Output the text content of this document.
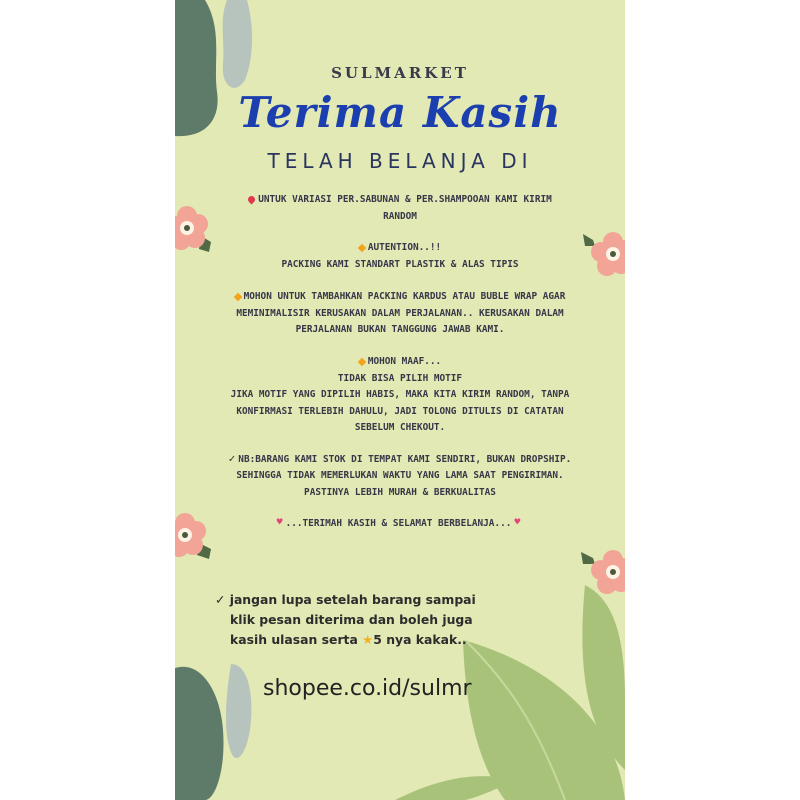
SULMARKET
Terima Kasih
TELAH BELANJA DI
UNTUK VARIASI PER.SABUNAN & PER.SHAMPOOAN KAMI KIRIM
RANDOM
AUTENTION..!!
PACKING KAMI STANDART PLASTIK & ALAS TIPIS
MOHON UNTUK TAMBAHKAN PACKING KARDUS ATAU BUBLE WRAP AGAR
MEMINIMALISIR KERUSAKAN DALAM PERJALANAN.. KERUSAKAN DALAM
PERJALANAN BUKAN TANGGUNG JAWAB KAMI.
MOHON MAAF...
TIDAK BISA PILIH MOTIF
JIKA MOTIF YANG DIPILIH HABIS, MAKA KITA KIRIM RANDOM, TANPA
KONFIRMASI TERLEBIH DAHULU, JADI TOLONG DITULIS DI CATATAN
SEBELUM CHEKOUT.
✓ NB:BARANG KAMI STOK DI TEMPAT KAMI SENDIRI, BUKAN DROPSHIP.
SEHINGGA TIDAK MEMERLUKAN WAKTU YANG LAMA SAAT PENGIRIMAN.
PASTINYA LEBIH MURAH & BERKUALITAS
♥ ...TERIMAH KASIH & SELAMAT BERBELANJA... ♥
✓ jangan lupa setelah barang sampai
klik pesan diterima dan boleh juga
kasih ulasan serta ★5 nya kakak..
shopee.co.id/sulmr
